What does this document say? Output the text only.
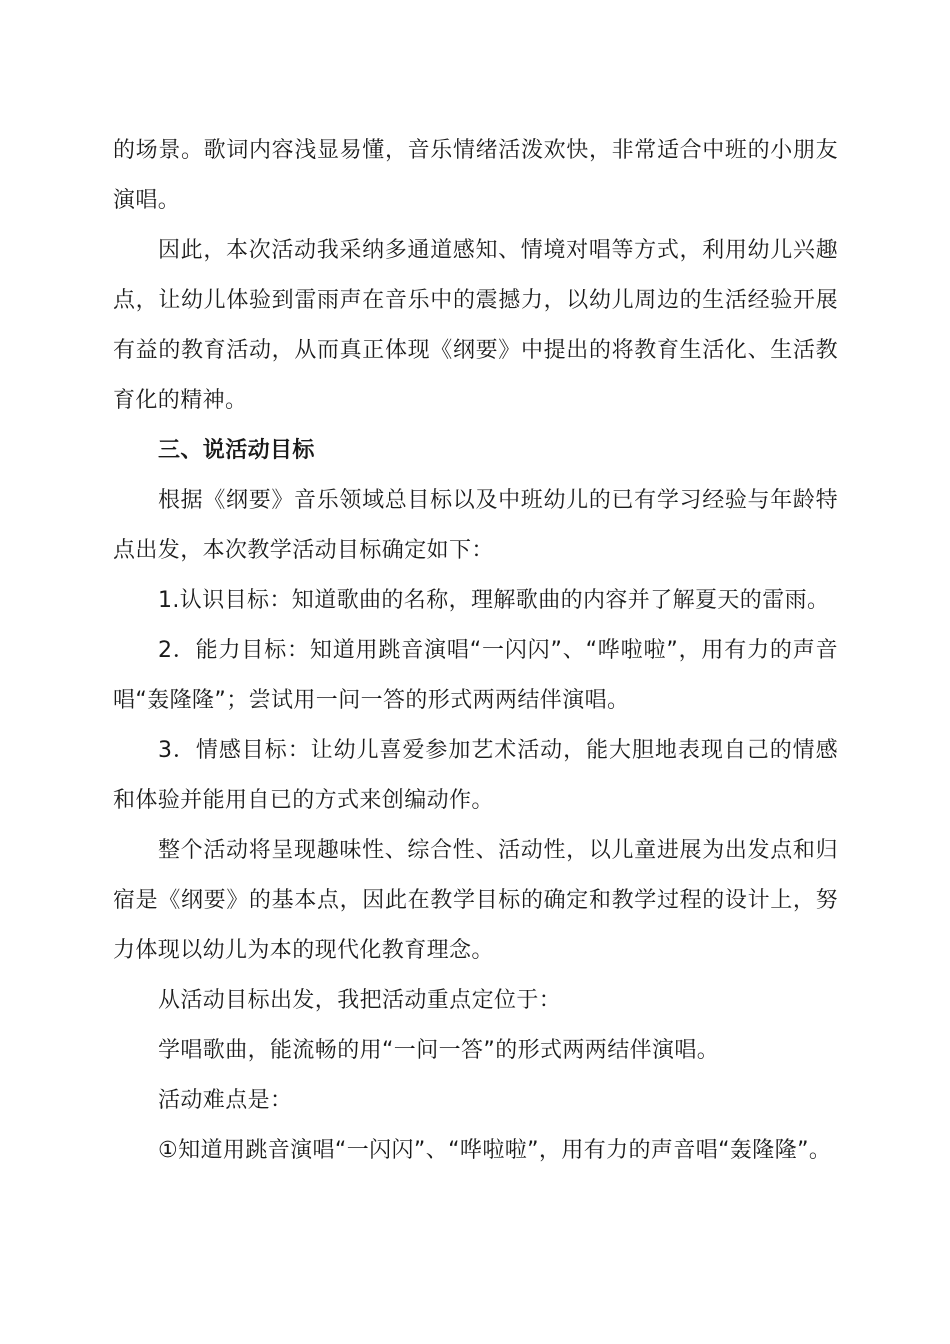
的场景。歌词内容浅显易懂，音乐情绪活泼欢快，非常适合中班的小朋友演唱。

因此，本次活动我采纳多通道感知、情境对唱等方式，利用幼儿兴趣点，让幼儿体验到雷雨声在音乐中的震撼力，以幼儿周边的生活经验开展有益的教育活动，从而真正体现《纲要》中提出的将教育生活化、生活教育化的精神。

三、说活动目标

根据《纲要》音乐领域总目标以及中班幼儿的已有学习经验与年龄特点出发，本次教学活动目标确定如下：

1.认识目标：知道歌曲的名称，理解歌曲的内容并了解夏天的雷雨。

2．能力目标：知道用跳音演唱“一闪闪”、“哗啦啦”，用有力的声音唱“轰隆隆”；尝试用一问一答的形式两两结伴演唱。

3．情感目标：让幼儿喜爱参加艺术活动，能大胆地表现自己的情感和体验并能用自已的方式来创编动作。

整个活动将呈现趣味性、综合性、活动性，以儿童进展为出发点和归宿是《纲要》的基本点，因此在教学目标的确定和教学过程的设计上，努力体现以幼儿为本的现代化教育理念。

从活动目标出发，我把活动重点定位于：

学唱歌曲，能流畅的用“一问一答”的形式两两结伴演唱。

活动难点是：

①知道用跳音演唱“一闪闪”、“哗啦啦”，用有力的声音唱“轰隆隆”。
